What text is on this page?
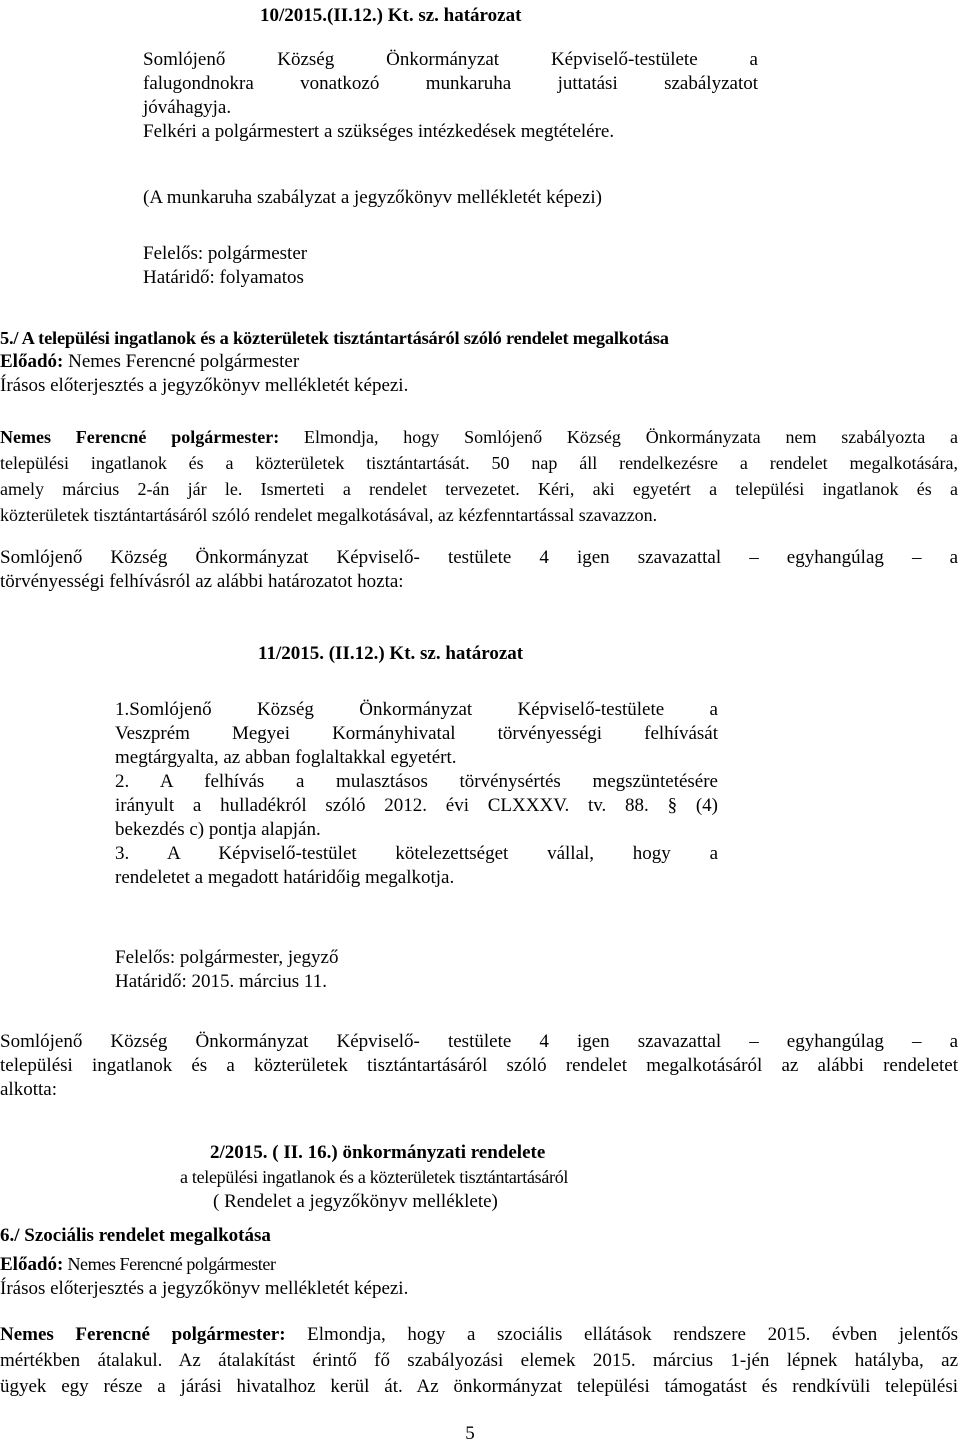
10/2015.(II.12.) Kt. sz. határozat
Somlójenő Község Önkormányzat Képviselő-testülete a
falugondnokra vonatkozó munkaruha juttatási szabályzatot
jóváhagyja.
Felkéri a polgármestert a szükséges intézkedések megtételére.
(A munkaruha szabályzat a jegyzőkönyv mellékletét képezi)
Felelős: polgármester
Határidő: folyamatos
5./ A települési ingatlanok és a közterületek tisztántartásáról szóló rendelet megalkotása
Előadó: Nemes Ferencné polgármester
Írásos előterjesztés a jegyzőkönyv mellékletét képezi.
Nemes Ferencné polgármester: Elmondja, hogy Somlójenő Község Önkormányzata nem szabályozta a
települési ingatlanok és a közterületek tisztántartását. 50 nap áll rendelkezésre a rendelet megalkotására,
amely március 2-án jár le. Ismerteti a rendelet tervezetet. Kéri, aki egyetért a települési ingatlanok és a
közterületek tisztántartásáról szóló rendelet megalkotásával, az kézfenntartással szavazzon.
Somlójenő Község Önkormányzat Képviselő- testülete 4 igen szavazattal – egyhangúlag – a
törvényességi felhívásról az alábbi határozatot hozta:
11/2015. (II.12.) Kt. sz. határozat
1.Somlójenő Község Önkormányzat Képviselő-testülete a
Veszprém Megyei Kormányhivatal törvényességi felhívását
megtárgyalta, az abban foglaltakkal egyetért.
2. A felhívás a mulasztásos törvénysértés megszüntetésére
irányult a hulladékról szóló 2012. évi CLXXXV. tv. 88. § (4)
bekezdés c) pontja alapján.
3. A Képviselő-testület kötelezettséget vállal, hogy a
rendeletet a megadott határidőig megalkotja.
Felelős: polgármester, jegyző
Határidő: 2015. március 11.
Somlójenő Község Önkormányzat Képviselő- testülete 4 igen szavazattal – egyhangúlag – a
települési ingatlanok és a közterületek tisztántartásáról szóló rendelet megalkotásáról az alábbi rendeletet
alkotta:
2/2015. ( II. 16.) önkormányzati rendelete
a települési ingatlanok és a közterületek tisztántartásáról
( Rendelet a jegyzőkönyv melléklete)
6./ Szociális rendelet megalkotása
Előadó: Nemes Ferencné polgármester
Írásos előterjesztés a jegyzőkönyv mellékletét képezi.
Nemes Ferencné polgármester: Elmondja, hogy a szociális ellátások rendszere 2015. évben jelentős
mértékben átalakul. Az átalakítást érintő fő szabályozási elemek 2015. március 1-jén lépnek hatályba, az
ügyek egy része a járási hivatalhoz kerül át. Az önkormányzat települési támogatást és rendkívüli települési
5
